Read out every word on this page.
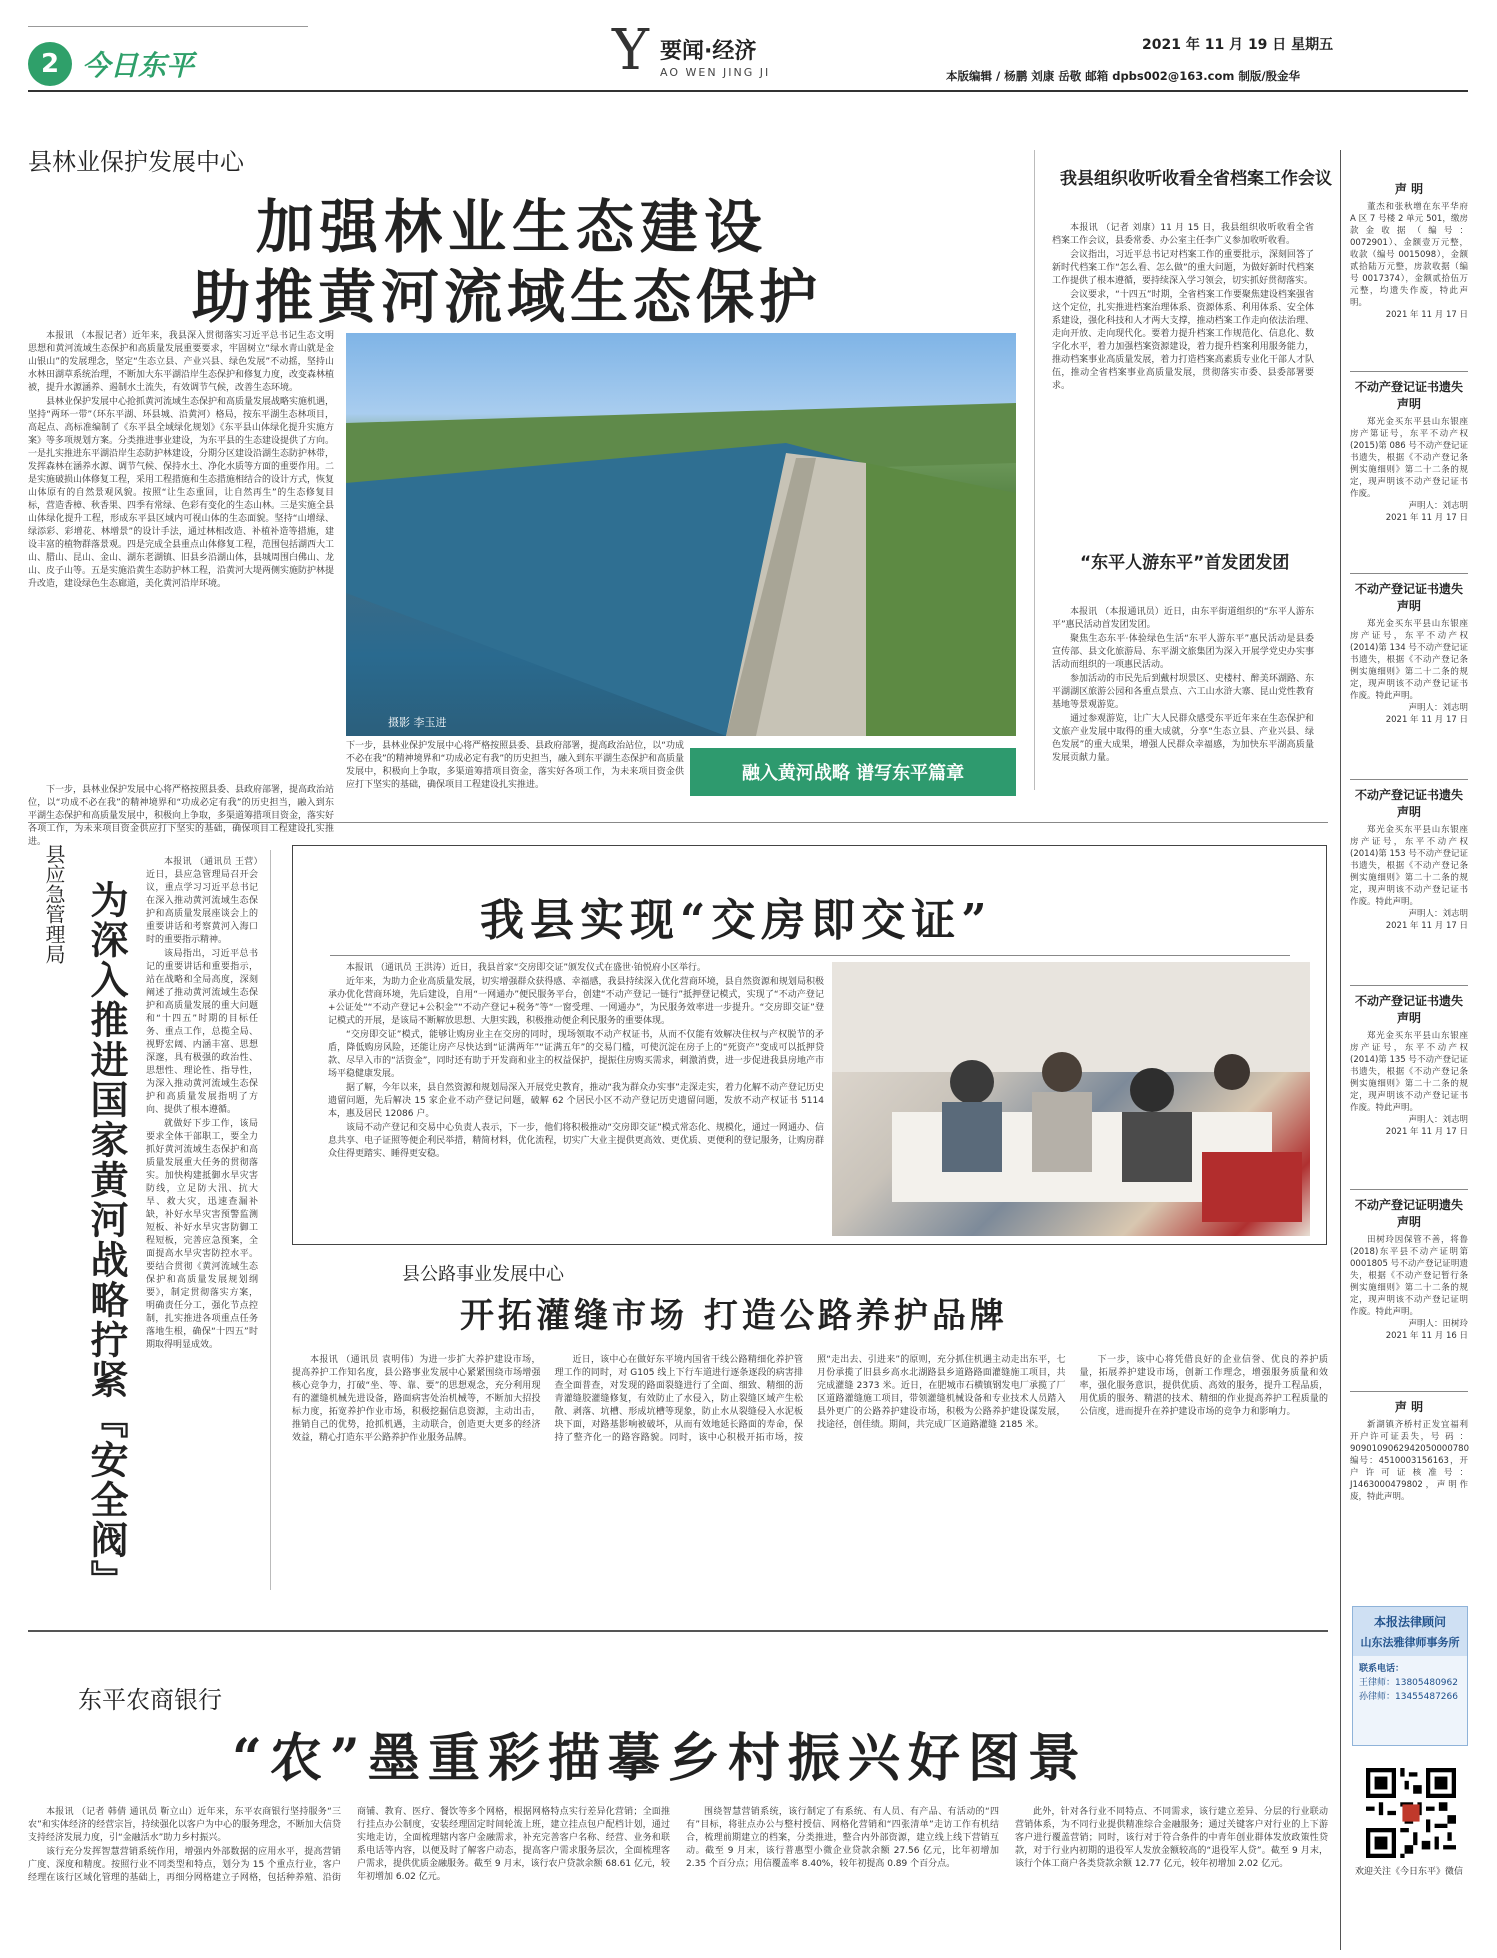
2 今日东平	Y 要闻·经济
AO WEN JING JI
2021 年 11 月 19 日 星期五
本版编辑 / 杨鹏 刘康 岳敬 邮箱 dpbs002@163.com 制版/殷金华
县林业保护发展中心
加强林业生态建设
助推黄河流域生态保护

本报讯 （本报记者）近年来，我县深入贯彻落实习近平总书记生态文明思想和黄河流域生态保护和高质量发展重要要求，牢固树立“绿水青山就是金山银山”的发展理念，坚定“生态立县、产业兴县、绿色发展”不动摇，坚持山水林田湖草系统治理，不断加大东平湖沿岸生态保护和修复力度，改变森林植被，提升水源涵养、遏制水土流失，有效调节气候，改善生态环境。

县林业保护发展中心抢抓黄河流域生态保护和高质量发展战略实施机遇，坚持“两环一带”（环东平湖、环县城、沿黄河）格局，按东平湖生态林项目，高起点、高标准编制了《东平县全域绿化规划》《东平县山体绿化提升实施方案》等多项规划方案。分类推进事业建设，为东平县的生态建设提供了方向。一是扎实推进东平湖沿岸生态防护林建设，分期分区建设沿湖生态防护林带，发挥森林在涵养水源、调节气候、保持水土、净化水质等方面的重要作用。二是实施破损山体修复工程，采用工程措施和生态措施相结合的设计方式，恢复山体原有的自然景观风貌。按照“让生态重回，让自然再生”的生态修复目标，营造香樟、秋香果、四季有常绿、色彩有变化的生态山林。三是实施全县山体绿化提升工程，形成东平县区域内可视山体的生态面貌。坚持“山增绿、绿添彩、彩增花、林增景”的设计手法，通过林相改造、补植补造等措施，建设丰富的植物群落景观。四是完成全县重点山体修复工程，范围包括湖西大工山、腊山、昆山、金山、湖东老湖镇、旧县乡沿湖山体，县城周围白佛山、龙山、皮子山等。五是实施沿黄生态防护林工程，沿黄河大堤两侧实施防护林提升改造，建设绿色生态廊道，美化黄河沿岸环境。

下一步，县林业保护发展中心将严格按照县委、县政府部署，提高政治站位，以“功成不必在我”的精神境界和“功成必定有我”的历史担当，融入到东平湖生态保护和高质量发展中，积极向上争取，多渠道筹措项目资金，落实好各项工作，为未来项目资金供应打下坚实的基础，确保项目工程建设扎实推进。

摄影 李玉进

下一步，县林业保护发展中心将严格按照县委、县政府部署，提高政治站位，以“功成不必在我”的精神境界和“功成必定有我”的历史担当，融入到东平湖生态保护和高质量发展中，积极向上争取，多渠道筹措项目资金，落实好各项工作，为未来项目资金供应打下坚实的基础，确保项目工程建设扎实推进。

融入黄河战略 谱写东平篇章
我县组织收听收看全省档案工作会议

本报讯 （记者 刘康）11 月 15 日，我县组织收听收看全省档案工作会议，县委常委、办公室主任李广义参加收听收看。

会议指出，习近平总书记对档案工作的重要批示，深刻回答了新时代档案工作“怎么看、怎么做”的重大问题，为做好新时代档案工作提供了根本遵循，要持续深入学习领会，切实抓好贯彻落实。

会议要求，“十四五”时期，全省档案工作要聚焦建设档案强省这个定位，扎实推进档案治理体系、资源体系、利用体系、安全体系建设，强化科技和人才两大支撑，推动档案工作走向依法治理、走向开放、走向现代化。要着力提升档案工作规范化、信息化、数字化水平，着力加强档案资源建设，着力提升档案利用服务能力，推动档案事业高质量发展，着力打造档案高素质专业化干部人才队伍，推动全省档案事业高质量发展，贯彻落实市委、县委部署要求。

“东平人游东平”首发团发团

本报讯 （本报通讯员）近日，由东平街道组织的“东平人游东平”惠民活动首发团发团。

聚焦生态东平·体验绿色生活“东平人游东平”惠民活动是县委宣传部、县文化旅游局、东平湖文旅集团为深入开展学党史办实事活动而组织的一项惠民活动。

参加活动的市民先后到戴村坝景区、史楼村、醉美环湖路、东平湖湖区旅游公园和各重点景点、六工山水浒大寨、昆山党性教育基地等景观游览。

通过参观游览，让广大人民群众感受东平近年来在生态保护和文旅产业发展中取得的重大成就，分享“生态立县、产业兴县、绿色发展”的重大成果，增强人民群众幸福感，为加快东平湖高质量发展贡献力量。

县应急管理局 为深入推进国家黄河战略拧紧『安全阀』

本报讯 （通讯员 王营）近日，县应急管理局召开会议，重点学习习近平总书记在深入推动黄河流域生态保护和高质量发展座谈会上的重要讲话和考察黄河入海口时的重要指示精神。

该局指出，习近平总书记的重要讲话和重要指示，站在战略和全局高度，深刻阐述了推动黄河流域生态保护和高质量发展的重大问题和“十四五”时期的目标任务、重点工作，总揽全局、视野宏阔、内涵丰富、思想深邃，具有极强的政治性、思想性、理论性、指导性，为深入推动黄河流域生态保护和高质量发展指明了方向、提供了根本遵循。

就做好下步工作，该局要求全体干部职工，要全力抓好黄河流域生态保护和高质量发展重大任务的贯彻落实。加快构建抵御水旱灾害防线，立足防大汛、抗大旱、救大灾，迅速查漏补缺，补好水旱灾害预警监测短板、补好水旱灾害防御工程短板，完善应急预案，全面提高水旱灾害防控水平。要结合贯彻《黄河流域生态保护和高质量发展规划纲要》，制定贯彻落实方案，明确责任分工，强化节点控制，扎实推进各项重点任务落地生根，确保“十四五”时期取得明显成效。

我县实现“交房即交证”

本报讯 （通讯员 王洪涛）近日，我县首家“交房即交证”颁发仪式在盛世·铂悦府小区举行。

近年来，为助力企业高质量发展，切实增强群众获得感、幸福感，我县持续深入优化营商环境，县自然资源和规划局积极承办优化营商环境，先后建设，自用“一网通办”便民服务平台，创建“不动产登记一链行”抵押登记模式，实现了“不动产登记+公证处”“不动产登记+公积金”“不动产登记+税务”等“一窗受理、一网通办”，为民服务效率进一步提升。“交房即交证”登记模式的开展，是该局不断解放思想、大胆实践，积极推动便企利民服务的重要体现。

“交房即交证”模式，能够让购房业主在交房的同时，现场领取不动产权证书，从而不仅能有效解决住权与产权脱节的矛盾，降低购房风险，还能让房产尽快达到“证满两年”“证满五年”的交易门槛，可使沉淀在房子上的“死资产”变成可以抵押贷款、尽早入市的“活资金”，同时还有助于开发商和业主的权益保护，提振住房购买需求，刺激消费，进一步促进我县房地产市场平稳健康发展。

据了解，今年以来，县自然资源和规划局深入开展党史教育，推动“我为群众办实事”走深走实，着力化解不动产登记历史遗留问题，先后解决 15 家企业不动产登记问题，破解 62 个居民小区不动产登记历史遗留问题，发放不动产权证书 5114 本，惠及居民 12086 户。

该局不动产登记和交易中心负责人表示，下一步，他们将积极推动“交房即交证”模式常态化、规模化，通过一网通办、信息共享、电子证照等便企利民举措，精简材料，优化流程，切实广大业主提供更高效、更优质、更便利的登记服务，让购房群众住得更踏实、睡得更安稳。

县公路事业发展中心
开拓灌缝市场 打造公路养护品牌

本报讯 （通讯员 袁明伟）为进一步扩大养护建设市场，提高养护工作知名度，县公路事业发展中心紧紧围绕市场增强核心竞争力，打破“坐、等、靠、要”的思想观念，充分利用现有的灌缝机械先进设备，路面病害处治机械等，不断加大招投标力度，拓宽养护作业市场，积极挖掘信息资源，主动出击，推销自己的优势，抢抓机遇，主动联合，创造更大更多的经济效益，精心打造东平公路养护作业服务品牌。

近日，该中心在做好东平境内国省干线公路精细化养护管理工作的同时，对 G105 线上下行车道进行逐条逐段的病害排查全面普查，对发现的路面裂缝进行了全面、细致、精细的沥青灌缝胶灌缝修复，有效防止了水侵入，防止裂缝区域产生松散、剥落、坑槽、形成坑槽等现象，防止水从裂缝侵入水泥板块下面，对路基影响被破坏，从而有效地延长路面的寿命，保持了整齐化一的路容路貌。同时，该中心积极开拓市场，按照“走出去、引进来”的原则，充分抓住机遇主动走出东平，七月份承揽了旧县乡高水北湖路县乡道路路面灌缝施工项目，共完成灌缝 2373 米。近日，在肥城市石横镇钢发电厂承揽了厂区道路灌缝施工项目，带领灌缝机械设备和专业技术人员踏入县外更广的公路养护建设市场，积极为公路养护建设谋发展，找途径，创佳绩。期间，共完成厂区道路灌缝 2185 米。

下一步，该中心将凭借良好的企业信誉、优良的养护质量，拓展养护建设市场，创新工作理念，增强服务质量和效率，强化服务意识，提供优质、高效的服务，提升工程品质，用优质的服务、精湛的技术、精细的作业提高养护工程质量的公信度，进而提升在养护建设市场的竞争力和影响力。

东平农商银行
“农”墨重彩描摹乡村振兴好图景

本报讯 （记者 韩倩 通讯员 靳立山）近年来，东平农商银行坚持服务“三农”和实体经济的经营宗旨，持续强化以客户为中心的服务理念，不断加大信贷支持经济发展力度，引“金融活水”助力乡村振兴。

该行充分发挥智慧营销系统作用，增强内外部数据的应用水平，提高营销广度、深度和精度。按照行业不同类型和特点，划分为 15 个重点行业，客户经理在该行区域化管理的基础上，再细分网格建立子网格，包括种养殖、沿街商铺、教育、医疗、餐饮等多个网格，根据网格特点实行差异化营销；全面推行挂点办公制度，安装经理固定时间轮流上班，建立挂点包户配档计划，通过实地走访，全面梳理辖内客户金融需求，补充完善客户名称、经营、业务和联系电话等内容，以便及时了解客户动态，提高客户需求服务层次，全面梳理客户需求，提供优质金融服务。截至 9 月末，该行农户贷款余额 68.61 亿元，较年初增加 6.02 亿元。

围绕智慧营销系统，该行制定了有系统、有人员、有产品、有活动的“四有”目标，将驻点办公与整村授信、网格化营销和“四张清单”走访工作有机结合，梳理前期建立的档案，分类推进，整合内外部资源，建立线上线下营销互动。截至 9 月末，该行普惠型小微企业贷款余额 27.56 亿元，比年初增加 2.35 个百分点；用信覆盖率 8.40%，较年初提高 0.89 个百分点。

此外，针对各行业不同特点、不同需求，该行建立差异、分层的行业联动营销体系，为不同行业提供精准综合金融服务；通过关键客户对行业的上下游客户进行覆盖营销；同时，该行对于符合条件的中青年创业群体发放政策性贷款，对于行业内初期的退役军人发放金额较高的“退役军人贷”。截至 9 月末，该行个体工商户各类贷款余额 12.77 亿元，较年初增加 2.02 亿元。

声 明
董杰和张秋增在东平华府 A 区 7 号楼 2 单元 501，缴房款金收据（编号：0072901）、金额壹万元整，收款（编号 0015098），金额贰拾陆万元整，房款收据（编号 0017374），金额贰拾伍万元整，均遗失作废，特此声明。
2021 年 11 月 17 日
不动产登记证书遗失声明
郑光金买东平县山东银座房产第证号，东平不动产权(2015)第 086 号不动产登记证书遗失，根据《不动产登记条例实施细则》第二十二条的规定，现声明该不动产登记证书作废。
声明人：刘志明
2021 年 11 月 17 日
不动产登记证书遗失声明
郑光金买东平县山东银座房产证号，东平不动产权(2014)第 134 号不动产登记证书遗失，根据《不动产登记条例实施细则》第二十二条的规定，现声明该不动产登记证书作废。特此声明。
声明人：刘志明
2021 年 11 月 17 日
不动产登记证书遗失声明
郑光金买东平县山东银座房产证号，东平不动产权(2014)第 153 号不动产登记证书遗失，根据《不动产登记条例实施细则》第二十二条的规定，现声明该不动产登记证书作废。特此声明。
声明人：刘志明
2021 年 11 月 17 日
不动产登记证书遗失声明
郑光金买东平县山东银座房产证号，东平不动产权(2014)第 135 号不动产登记证书遗失，根据《不动产登记条例实施细则》第二十二条的规定，现声明该不动产登记证书作废。特此声明。
声明人：刘志明
2021 年 11 月 17 日
不动产登记证明遗失声明
田树玲因保管不善，将鲁(2018)东平县不动产证明第 0001805 号不动产登记证明遗失，根据《不动产登记暂行条例实施细则》第二十二条的规定，现声明该不动产登记证明作废。特此声明。
声明人：田树玲
2021 年 11 月 16 日
声 明
新湖镇齐桥村正发宜福利开户许可证丢失，号 码 ：9090109062942050000780 编号：4510003156163，开户许可证核准号：J1463000479802，声明作废，特此声明。
本报法律顾问
山东法雅律师事务所
联系电话：
王律师：13805480962
孙律师：13455487266
欢迎关注《今日东平》微信
